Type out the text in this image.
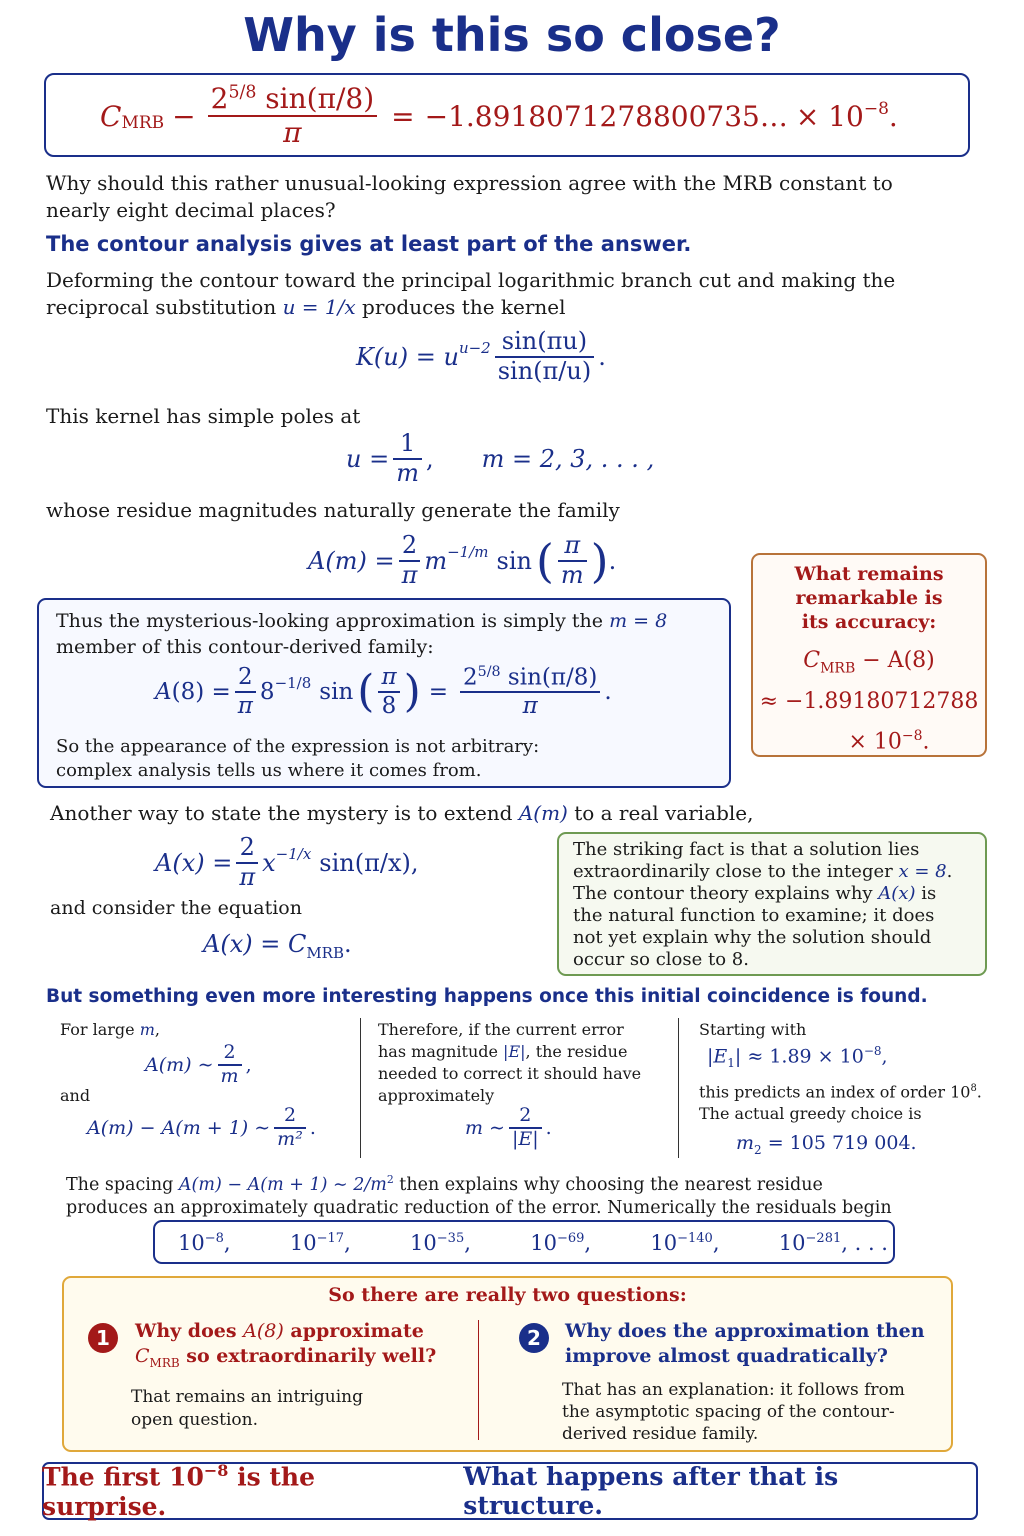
Why is this so close?
$C_{MRB} - \frac{2^{5/8} \sin(\pi/8)}{\pi}$ = −1.8918071278800735… × $10^{-8}$ .
Why should this rather unusual-looking expression agree with the MRB constant to nearly eight decimal places?
The contour analysis gives at least part of the answer.
Deforming the contour toward the principal logarithmic branch cut and making the reciprocal substitution u = 1/x produces the kernel
$K(u) = u^{u-2} \frac{\sin(\pi u)}{\sin(\pi/u)}$ .
This kernel has simple poles at
$u = \frac{1}{m}$ , m = 2, 3, . . . ,
whose residue magnitudes naturally generate the family
$A(m) = \frac{2}{\pi} m^{-1/m}$ sin ( $\frac{\pi}{m}$ ) .	What remains
remarkable is
its accuracy:
$C_{MRB} - A(8)$
≈ −1.89180712788
× $10^{-8}$.
Thus the mysterious-looking approximation is simply the m = 8
member of this contour-derived family:
$A(8) = \frac{2}{\pi} 8^{-1/8}$ sin ( $\frac{\pi}{8}$ ) = $\frac{2^{5/8} \sin(\pi/8)}{\pi}$ .
So the appearance of the expression is not arbitrary:
complex analysis tells us where it comes from.
Another way to state the mystery is to extend A(m) to a real variable,
$A(x) = \frac{2}{\pi} x^{-1/x}$ sin(π/x),
and consider the equation
$A(x) = C_{MRB}$.
The striking fact is that a solution lies
extraordinarily close to the integer x = 8.
The contour theory explains why A(x) is
the natural function to examine; it does
not yet explain why the solution should
occur so close to 8.
But something even more interesting happens once this initial coincidence is found.
For large m,
A(m) ∼ $\frac{2}{m}$ ,
and
A(m) − A(m + 1) ∼ $\frac{2}{\text{m²}}$ .
Therefore, if the current error
has magnitude |E|, the residue
needed to correct it should have
approximately
m ∼ $\frac{2}{|E|}$ .
Starting with
$|E_1| \approx 1.89 \times 10^{-8}$,
this predicts an index of order $10^8$.
The actual greedy choice is
$m_2 = 105$ 719 004.
The spacing A(m) − A(m + 1) ∼ $2/m^2$ then explains why choosing the nearest residue
produces an approximately quadratic reduction of the error. Numerically the residuals begin
$10^{-8}$,	$10^{-17}$,	$10^{-35}$,	$10^{-69}$,	$10^{-140}$,	$10^{-281}$, . . .
So there are really two questions:
1	Why does A(8) approximate
$C_{MRB}$ so extraordinarily well?
That remains an intriguing
open question.
2	Why does the approximation then
improve almost quadratically?
That has an explanation: it follows from
the asymptotic spacing of the contour-
derived residue family.
The first $10^{-8}$ is the surprise.
What happens after that is structure.
